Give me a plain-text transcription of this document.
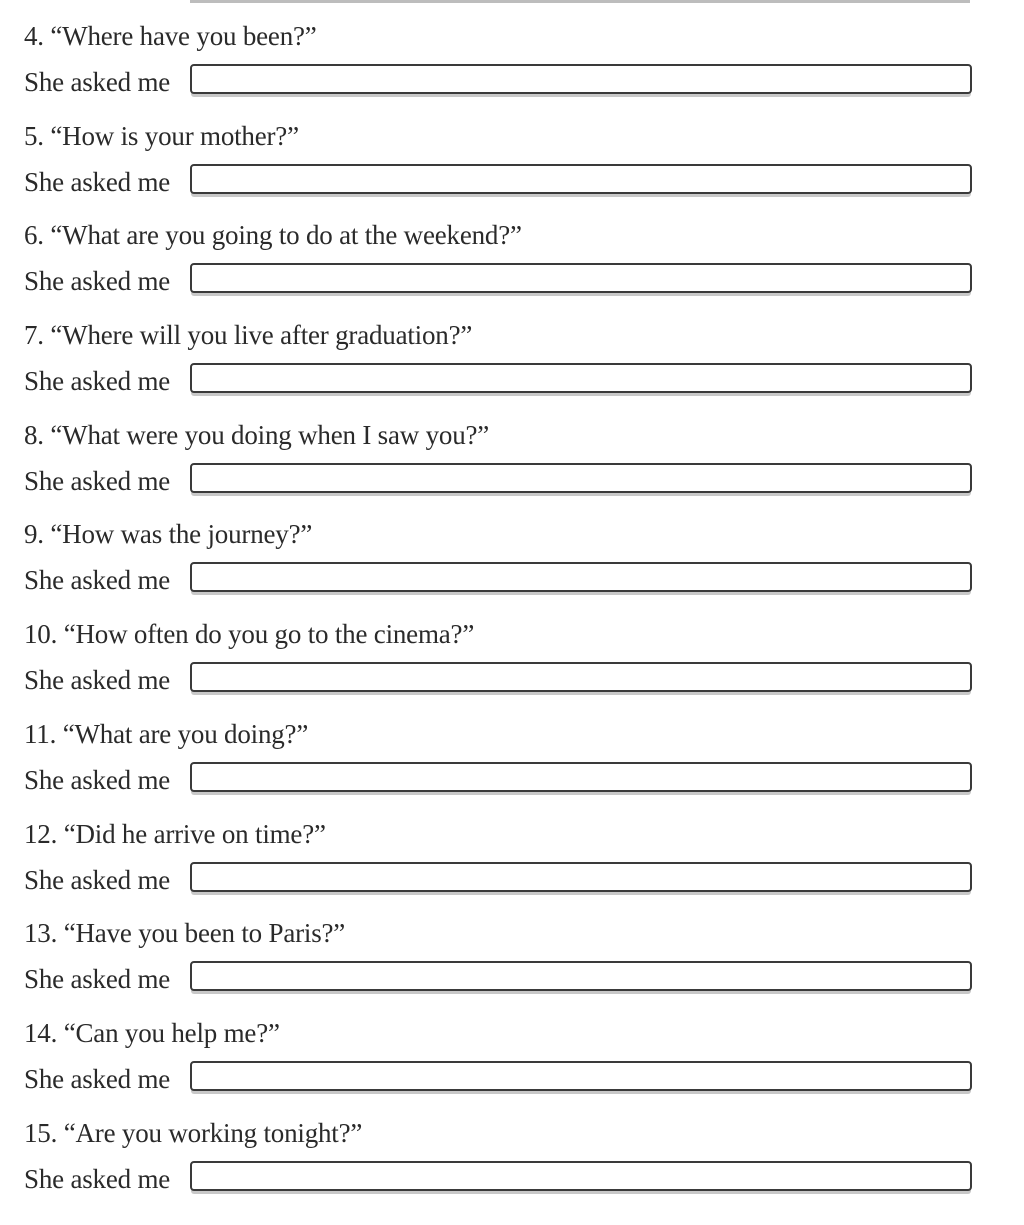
4. “Where have you been?”
She asked me
5. “How is your mother?”
She asked me
6. “What are you going to do at the weekend?”
She asked me
7. “Where will you live after graduation?”
She asked me
8. “What were you doing when I saw you?”
She asked me
9. “How was the journey?”
She asked me
10. “How often do you go to the cinema?”
She asked me
11. “What are you doing?”
She asked me
12. “Did he arrive on time?”
She asked me
13. “Have you been to Paris?”
She asked me
14. “Can you help me?”
She asked me
15. “Are you working tonight?”
She asked me
